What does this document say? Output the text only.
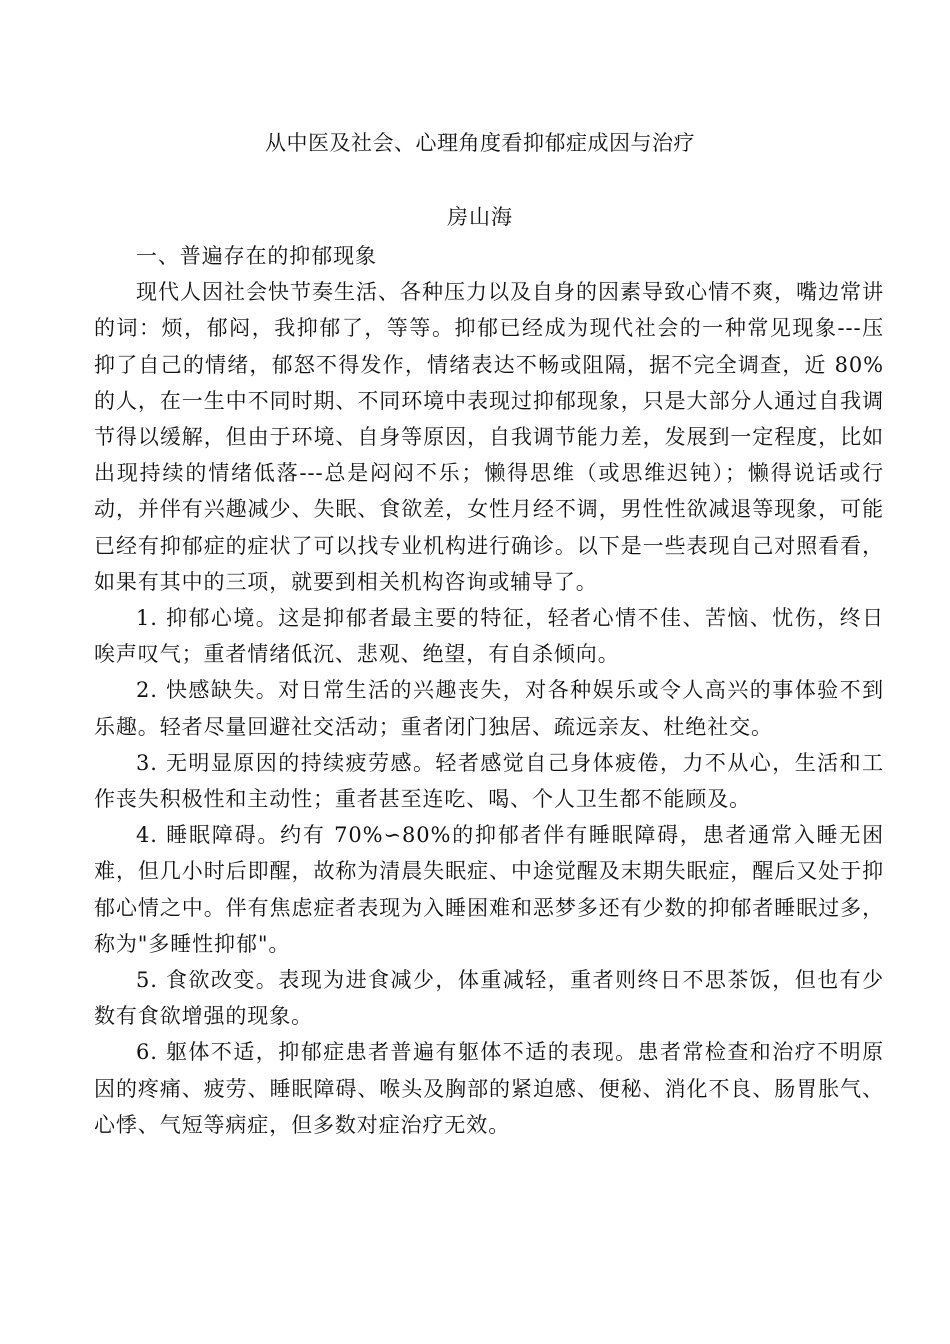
从中医及社会、心理角度看抑郁症成因与治疗
房山海

一、普遍存在的抑郁现象

现代人因社会快节奏生活、各种压力以及自身的因素导致心情不爽，嘴边常讲的词：烦，郁闷，我抑郁了，等等。抑郁已经成为现代社会的一种常见现象---压抑了自己的情绪，郁怒不得发作，情绪表达不畅或阻隔，据不完全调查，近 80%的人，在一生中不同时期、不同环境中表现过抑郁现象，只是大部分人通过自我调节得以缓解，但由于环境、自身等原因，自我调节能力差，发展到一定程度，比如出现持续的情绪低落---总是闷闷不乐；懒得思维（或思维迟钝）；懒得说话或行动，并伴有兴趣减少、失眠、食欲差，女性月经不调，男性性欲减退等现象，可能已经有抑郁症的症状了可以找专业机构进行确诊。以下是一些表现自己对照看看，如果有其中的三项，就要到相关机构咨询或辅导了。

1. 抑郁心境。这是抑郁者最主要的特征，轻者心情不佳、苦恼、忧伤，终日唉声叹气；重者情绪低沉、悲观、绝望，有自杀倾向。

2. 快感缺失。对日常生活的兴趣丧失，对各种娱乐或令人高兴的事体验不到乐趣。轻者尽量回避社交活动；重者闭门独居、疏远亲友、杜绝社交。

3. 无明显原因的持续疲劳感。轻者感觉自己身体疲倦，力不从心，生活和工作丧失积极性和主动性；重者甚至连吃、喝、个人卫生都不能顾及。

4. 睡眠障碍。约有 70%∽80%的抑郁者伴有睡眠障碍，患者通常入睡无困难，但几小时后即醒，故称为清晨失眠症、中途觉醒及末期失眠症，醒后又处于抑郁心情之中。伴有焦虑症者表现为入睡困难和恶梦多还有少数的抑郁者睡眠过多，称为"多睡性抑郁"。

5. 食欲改变。表现为进食减少，体重减轻，重者则终日不思茶饭，但也有少数有食欲增强的现象。

6. 躯体不适，抑郁症患者普遍有躯体不适的表现。患者常检查和治疗不明原因的疼痛、疲劳、睡眠障碍、喉头及胸部的紧迫感、便秘、消化不良、肠胃胀气、心悸、气短等病症，但多数对症治疗无效。
